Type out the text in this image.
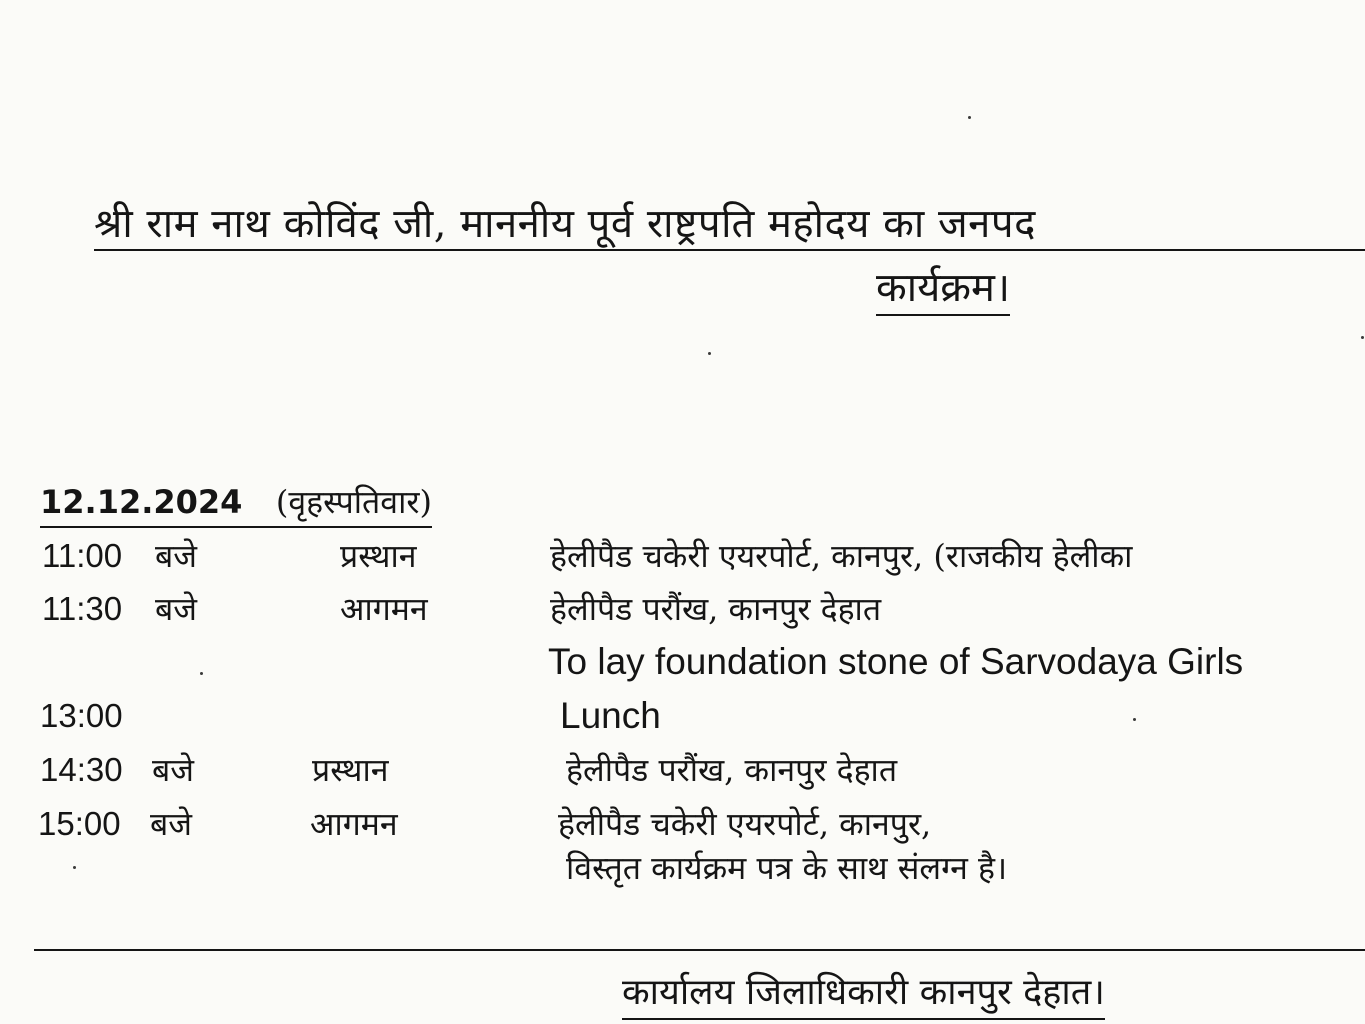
श्री राम नाथ कोविंद जी, माननीय पूर्व राष्ट्रपति महोदय का जनपद
कार्यक्रम।
12.12.2024 (वृहस्पतिवार)
11:00 बजे	प्रस्थान	हेलीपैड चकेरी एयरपोर्ट, कानपुर, (राजकीय हेलीका
11:30 बजे	आगमन	हेलीपैड परौंख, कानपुर देहात
To lay foundation stone of Sarvodaya Girls
13:00	Lunch
14:30 बजे	प्रस्थान	हेलीपैड परौंख, कानपुर देहात
15:00 बजे	आगमन	हेलीपैड चकेरी एयरपोर्ट, कानपुर,
विस्तृत कार्यक्रम पत्र के साथ संलग्न है।
कार्यालय जिलाधिकारी कानपुर देहात।
